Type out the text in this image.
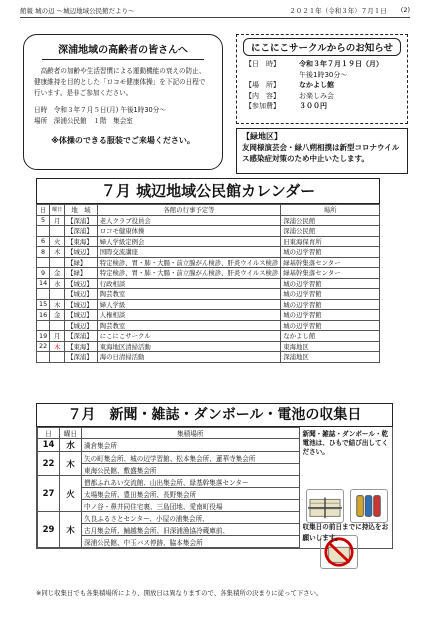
館報 城の辺 ～城辺地域公民館だより～	２０２１年（令和３年）７月１日 (2)
深浦地域の高齢者の皆さんへ

　高齢者の加齢や生活習慣による運動機能の衰えの防止、健康維持を目的とした「ロコモ健康体操」を下記の日程で行います。是非ご参加ください。

日時　令和３年７月５日(月) 午後1時30分～
場所　深浦公民館　１階　集会室
※体操のできる服装でご来場ください。
にこにこサークルからのお知らせ
【日　時】	令和３年７月１９日（月）
	午後1時30分～
【場　所】	なかよし館
【内　容】	お楽しみ会
【参加費】	３００円
【緑地区】
友岡様演芸会・緑八朔相撲は新型コロナウイルス感染症対策のため中止いたします。
７月 城辺地域公民館カレンダー
日	曜日	地　域	各館の行事予定等	場所
5	月	【深浦】	老人クラブ役員会	深浦公民館
		【深浦】	ロコモ健康体操	深浦公民館
6	火	【東海】	婦人学級定例会	旧東海保育所
8	木	【城辺】	国際交流講座	城の辺学習館
		【緑】	特定検診、胃・肺・大腸・前立腺がん検診、肝炎ウイルス検診	緑基幹集落センター
9	金	【緑】	特定検診、胃・肺・大腸・前立腺がん検診、肝炎ウイルス検診	緑基幹集落センター
14	水	【城辺】	行政相談	城の辺学習館
		【城辺】	陶芸教室	城の辺学習館
15	木	【城辺】	婦人学級	城の辺学習館
16	金	【城辺】	人権相談	城の辺学習館
		【城辺】	陶芸教室	城の辺学習館
19	月	【深浦】	にこにこサークル	なかよし館
22	木	【東海】	東海地区清掃活動	東海地区
		【深浦】	海の日清掃活動	深浦地区
７月　新聞・雑誌・ダンボール・電池の収集日
日	曜日	集積場所
14	水	満倉集会所
22	木	矢の町集会所、城の辺学習館、松本集会所、蓮華寺集会所
		東海公民館、敷盛集会所
27	火	僧都ふれあい交流館、山出集会所、緑基幹集落センター
		太場集会所、豊田集会所、長野集会所
		中ノ谷・鼻井同住宅裏、三島団地、愛南町役場
29	木	久良ふるさとセンター、小屋の浦集会所、
		古月集会所、鯆越集会所、旧深浦漁協冷蔵庫前、
		深浦公民館、中玉バス停跡、脇本集会所
新聞・雑誌・ダンボール・乾電池は、ひもで結び出してください。
収集日の前日までに持込をお願いします。
※同じ収集日でも各集積場所により、開放日は異なりますので、各集積所の決まりに従って下さい。
